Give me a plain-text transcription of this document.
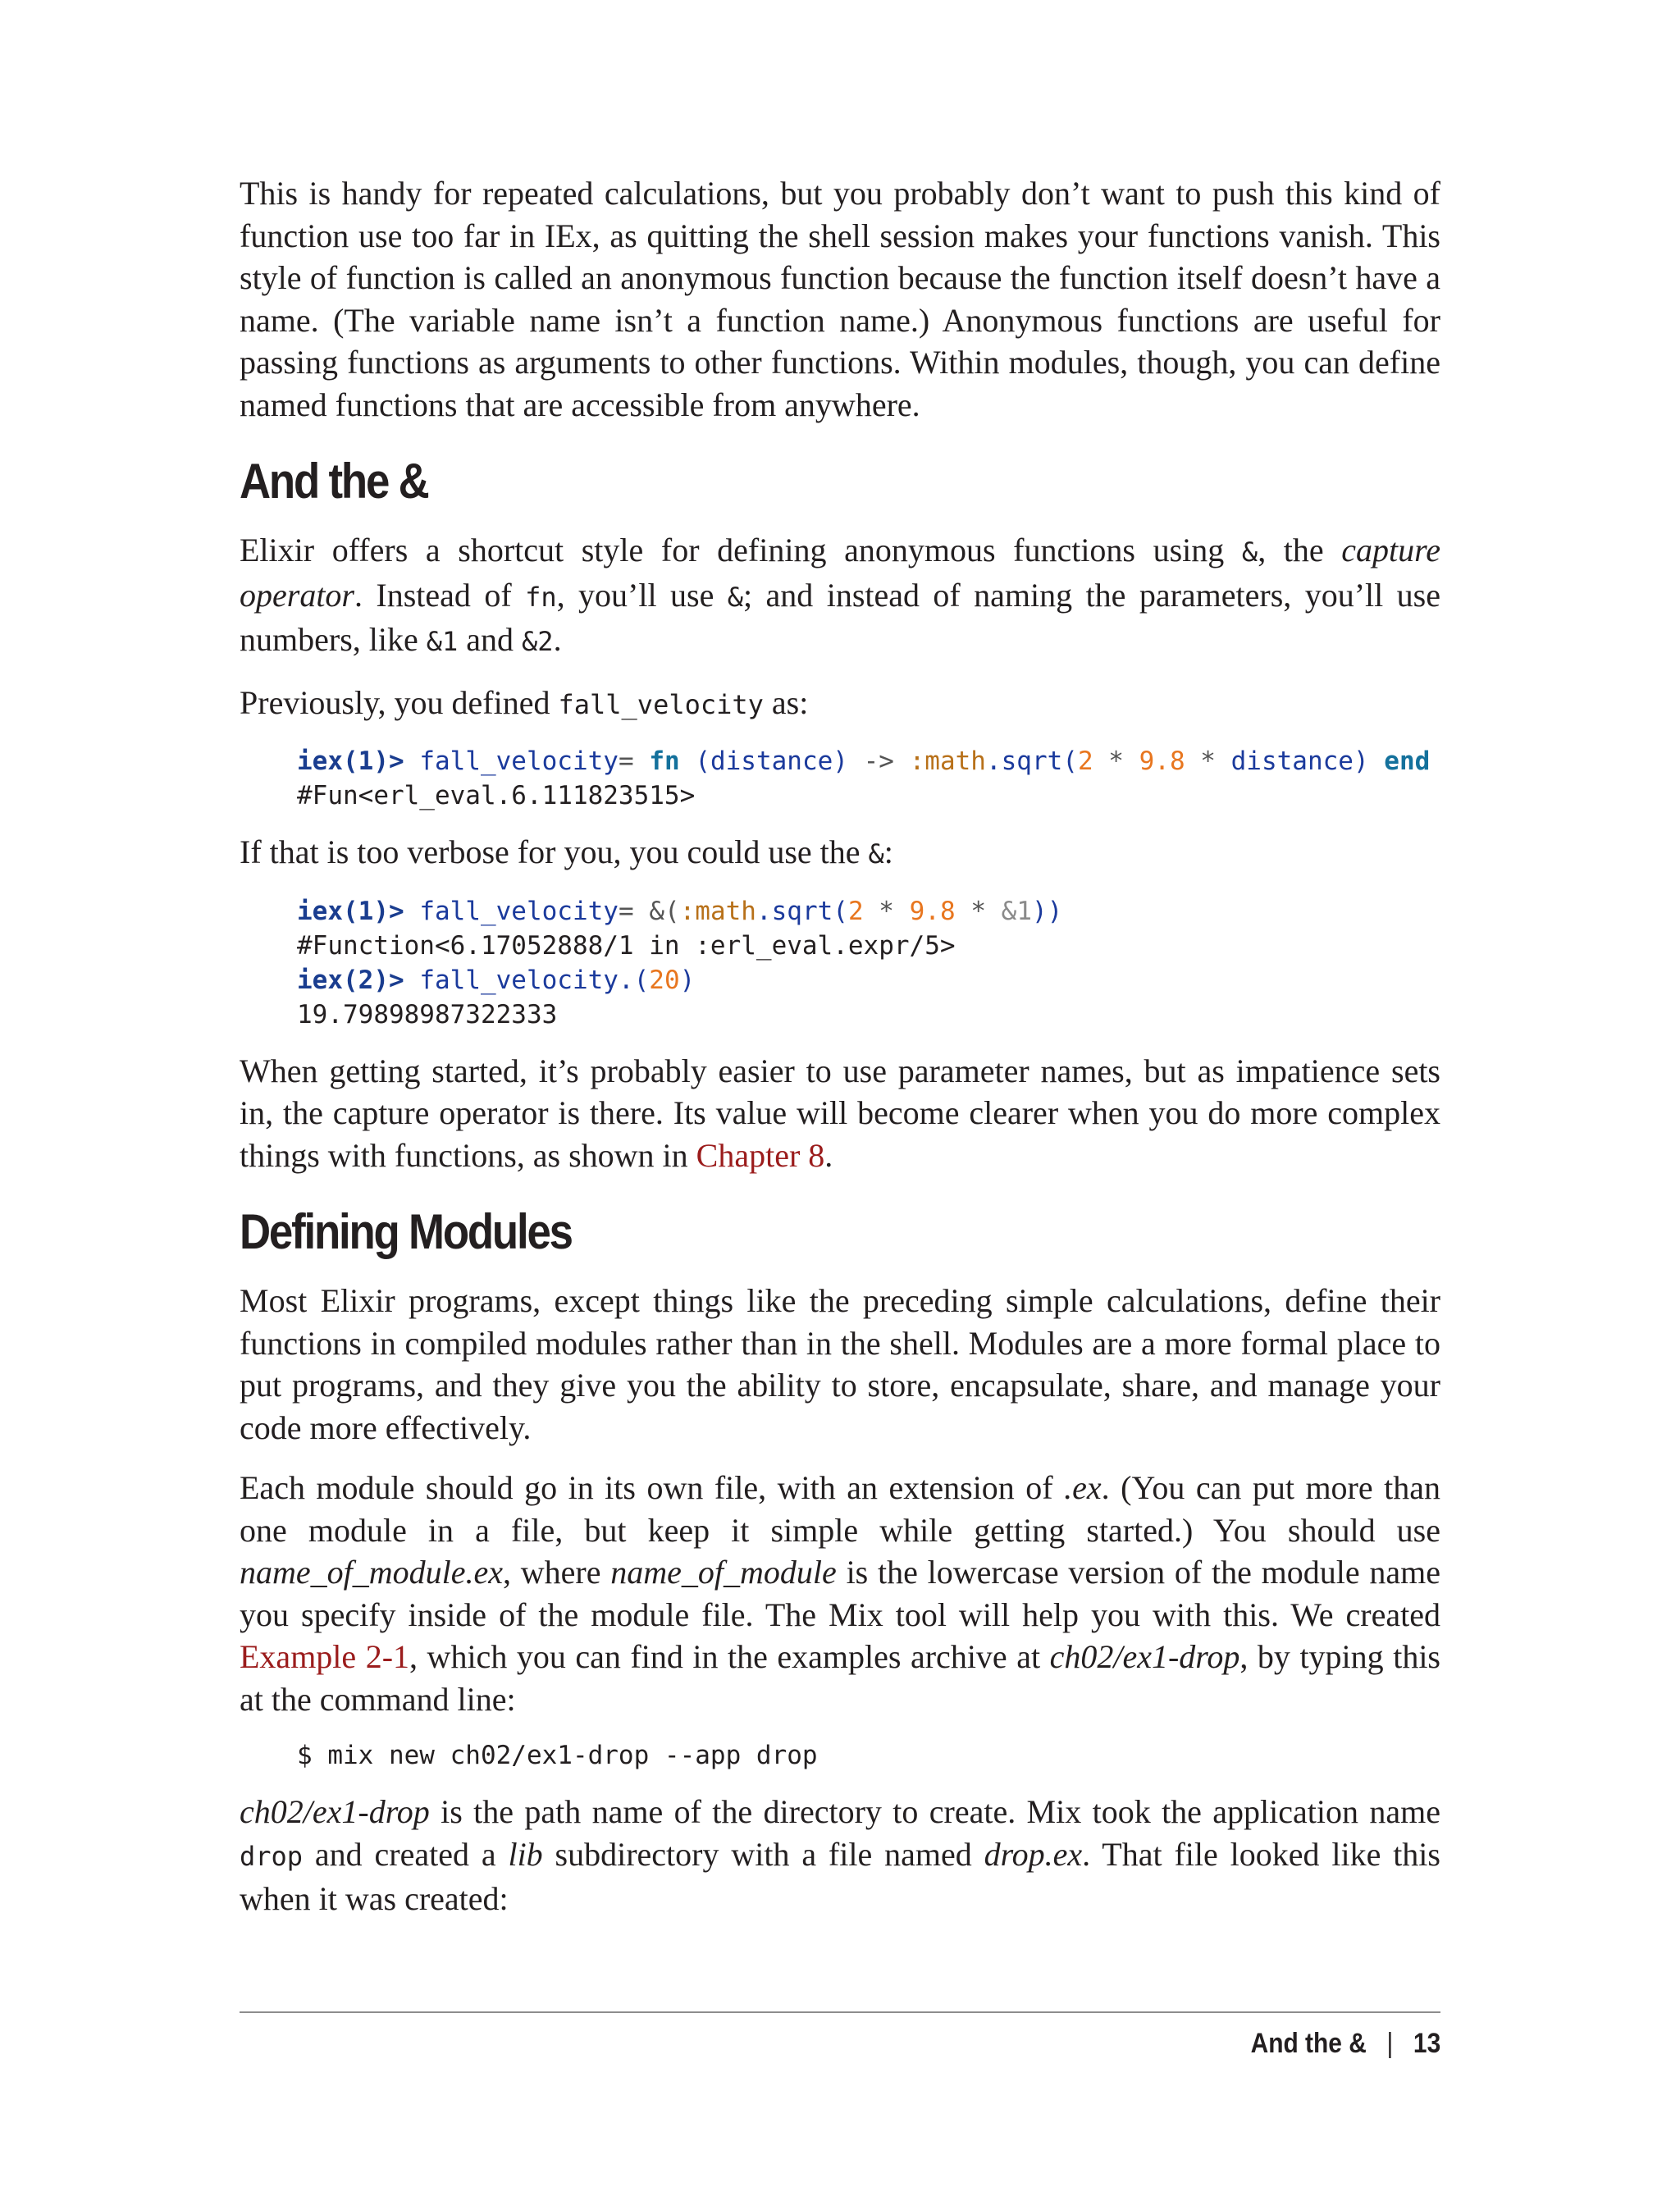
This is handy for repeated calculations, but you probably don’t want to push this kind of function use too far in IEx, as quitting the shell session makes your functions vanish. This style of function is called an anonymous function because the function itself doesn’t have a name. (The variable name isn’t a function name.) Anonymous functions are useful for passing functions as arguments to other functions. Within modules, though, you can define named functions that are accessible from anywhere.

And the &

Elixir offers a shortcut style for defining anonymous functions using &, the capture operator. Instead of fn, you’ll use &; and instead of naming the parameters, you’ll use numbers, like &1 and &2.

Previously, you defined fall_velocity as:

iex(1)> fall_velocity= fn (distance) -> :math.sqrt(2 * 9.8 * distance) end
#Fun<erl_eval.6.111823515>

If that is too verbose for you, you could use the &:

iex(1)> fall_velocity= &(:math.sqrt(2 * 9.8 * &1))
#Function<6.17052888/1 in :erl_eval.expr/5>
iex(2)> fall_velocity.(20)
19.79898987322333

When getting started, it’s probably easier to use parameter names, but as impatience sets in, the capture operator is there. Its value will become clearer when you do more complex things with functions, as shown in Chapter 8.

Defining Modules

Most Elixir programs, except things like the preceding simple calculations, define their functions in compiled modules rather than in the shell. Modules are a more formal place to put programs, and they give you the ability to store, encapsulate, share, and manage your code more effectively.

Each module should go in its own file, with an extension of .ex. (You can put more than one module in a file, but keep it simple while getting started.) You should use name_of_module.ex, where name_of_module is the lowercase version of the module name you specify inside of the module file. The Mix tool will help you with this. We created Example 2-1, which you can find in the examples archive at ch02/ex1-drop, by typing this at the command line:

$ mix new ch02/ex1-drop --app drop

ch02/ex1-drop is the path name of the directory to create. Mix took the application name drop and created a lib subdirectory with a file named drop.ex. That file looked like this when it was created:

And the & | 13
